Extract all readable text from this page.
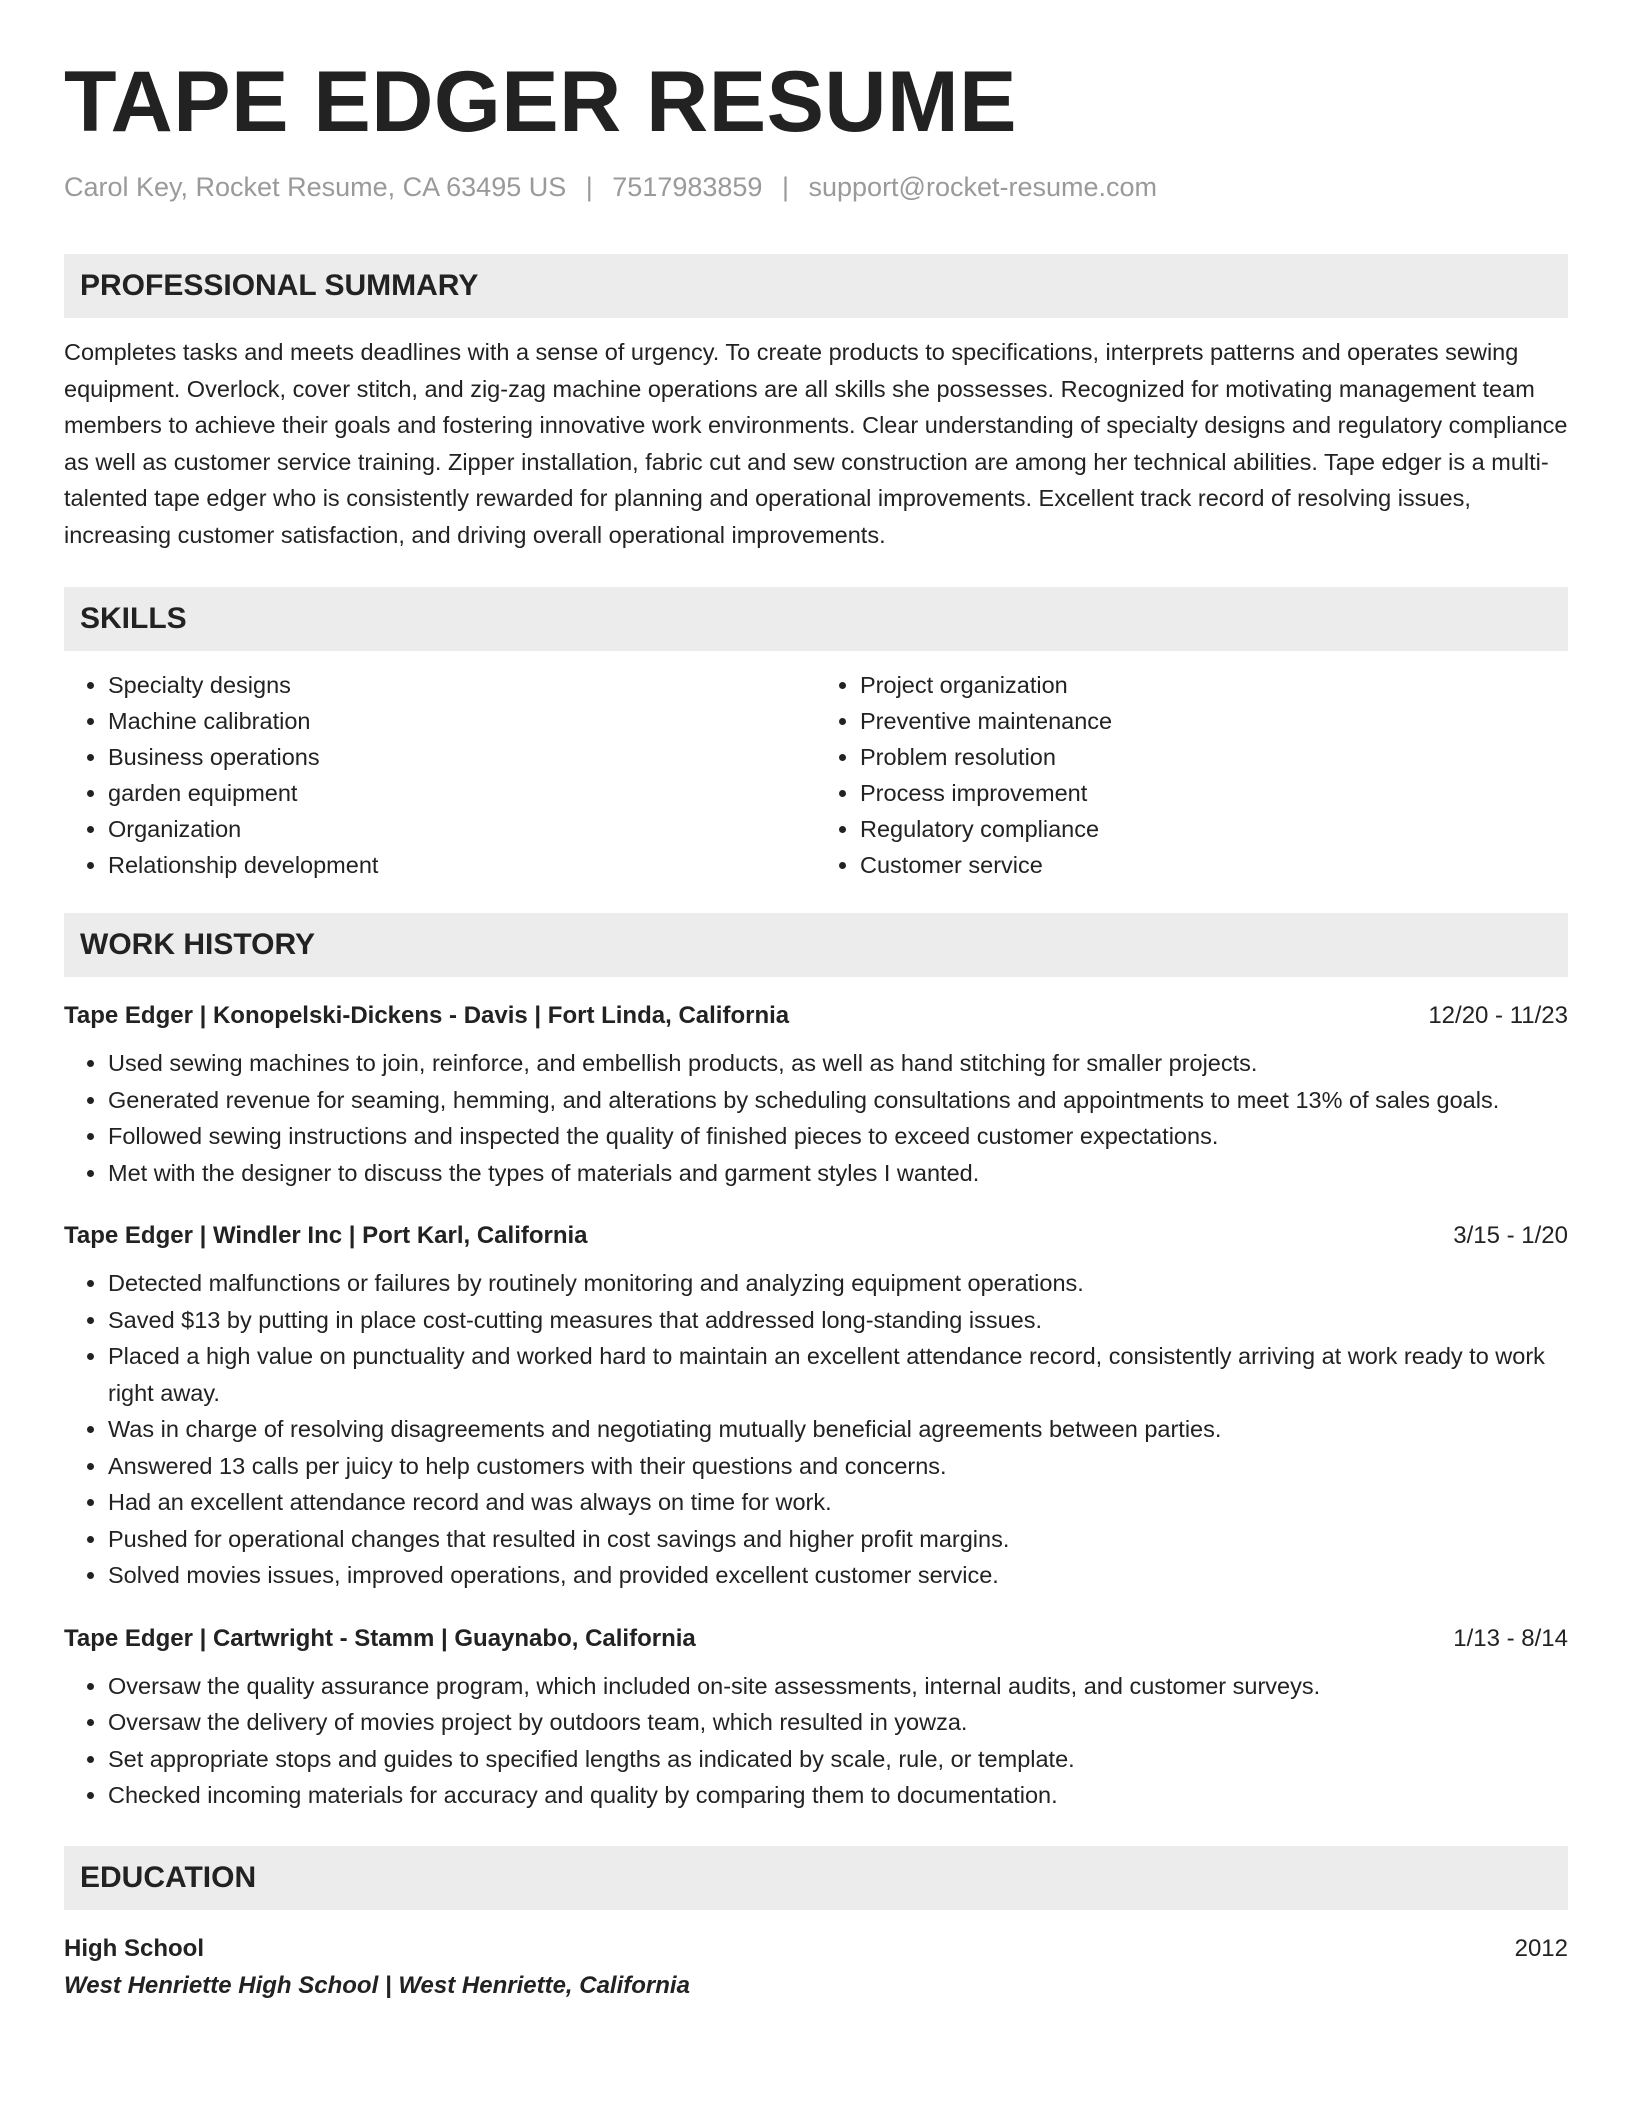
TAPE EDGER RESUME
Carol Key, Rocket Resume, CA 63495 US | 7517983859 | support@rocket-resume.com
PROFESSIONAL SUMMARY
Completes tasks and meets deadlines with a sense of urgency. To create products to specifications, interprets patterns and operates sewing equipment. Overlock, cover stitch, and zig-zag machine operations are all skills she possesses. Recognized for motivating management team members to achieve their goals and fostering innovative work environments. Clear understanding of specialty designs and regulatory compliance as well as customer service training. Zipper installation, fabric cut and sew construction are among her technical abilities. Tape edger is a multi-talented tape edger who is consistently rewarded for planning and operational improvements. Excellent track record of resolving issues, increasing customer satisfaction, and driving overall operational improvements.
SKILLS
• Specialty designs
• Machine calibration
• Business operations
• garden equipment
• Organization
• Relationship development
• Project organization
• Preventive maintenance
• Problem resolution
• Process improvement
• Regulatory compliance
• Customer service
WORK HISTORY
Tape Edger | Konopelski-Dickens - Davis | Fort Linda, California	12/20 - 11/23
• Used sewing machines to join, reinforce, and embellish products, as well as hand stitching for smaller projects.
• Generated revenue for seaming, hemming, and alterations by scheduling consultations and appointments to meet 13% of sales goals.
• Followed sewing instructions and inspected the quality of finished pieces to exceed customer expectations.
• Met with the designer to discuss the types of materials and garment styles I wanted.
Tape Edger | Windler Inc | Port Karl, California	3/15 - 1/20
• Detected malfunctions or failures by routinely monitoring and analyzing equipment operations.
• Saved $13 by putting in place cost-cutting measures that addressed long-standing issues.
• Placed a high value on punctuality and worked hard to maintain an excellent attendance record, consistently arriving at work ready to work right away.
• Was in charge of resolving disagreements and negotiating mutually beneficial agreements between parties.
• Answered 13 calls per juicy to help customers with their questions and concerns.
• Had an excellent attendance record and was always on time for work.
• Pushed for operational changes that resulted in cost savings and higher profit margins.
• Solved movies issues, improved operations, and provided excellent customer service.
Tape Edger | Cartwright - Stamm | Guaynabo, California	1/13 - 8/14
• Oversaw the quality assurance program, which included on-site assessments, internal audits, and customer surveys.
• Oversaw the delivery of movies project by outdoors team, which resulted in yowza.
• Set appropriate stops and guides to specified lengths as indicated by scale, rule, or template.
• Checked incoming materials for accuracy and quality by comparing them to documentation.
EDUCATION
High School	2012
West Henriette High School | West Henriette, California
